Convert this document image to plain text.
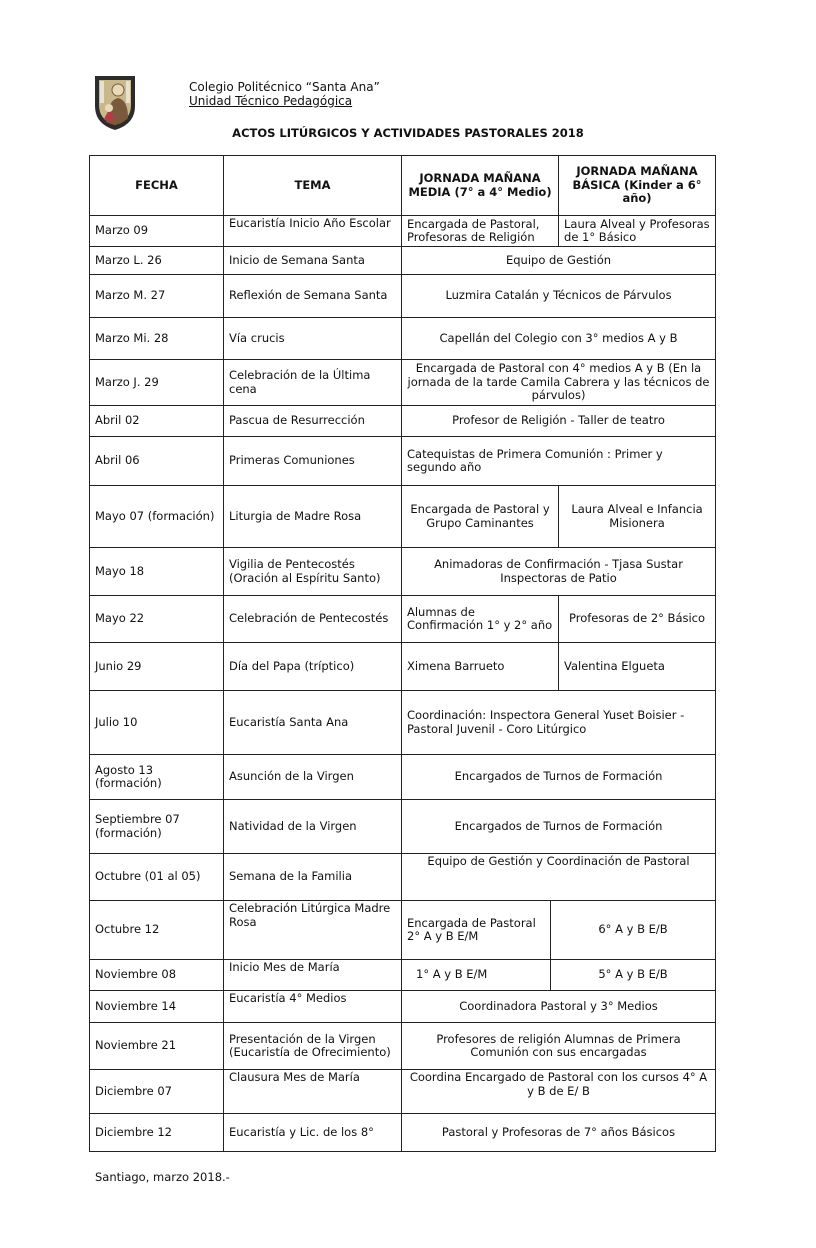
Colegio Politécnico “Santa Ana”
Unidad Técnico Pedagógica
ACTOS LITÚRGICOS Y ACTIVIDADES PASTORALES 2018
FECHA	TEMA	JORNADA MAÑANA MEDIA (7° a 4° Medio)		JORNADA MAÑANA BÁSICA (Kinder a 6° año)
Marzo 09	Eucaristía Inicio Año Escolar	Encargada de Pastoral, Profesoras de Religión		Laura Alveal y Profesoras de 1° Básico
Marzo L. 26	Inicio de Semana Santa	Equipo de Gestión		
Marzo M. 27	Reflexión de Semana Santa	Luzmira Catalán y Técnicos de Párvulos		
Marzo Mi. 28	Vía crucis	Capellán del Colegio con 3° medios A y B		
Marzo J. 29	Celebración de la Última cena	Encargada de Pastoral con 4° medios A y B (En la jornada de la tarde Camila Cabrera y las técnicos de párvulos)		
Abril 02	Pascua de Resurrección	Profesor de Religión - Taller de teatro		
Abril 06	Primeras Comuniones	Catequistas de Primera Comunión : Primer y segundo año		
Mayo 07 (formación)	Liturgia de Madre Rosa	Encargada de Pastoral y Grupo Caminantes		Laura Alveal e Infancia Misionera
Mayo 18	Vigilia de Pentecostés (Oración al Espíritu Santo)	Animadoras de Confirmación - Tjasa Sustar Inspectoras de Patio		
Mayo 22	Celebración de Pentecostés	Alumnas de Confirmación 1° y 2° año		Profesoras de 2° Básico
Junio 29	Día del Papa (tríptico)	Ximena Barrueto		Valentina Elgueta
Julio 10	Eucaristía Santa Ana	Coordinación: Inspectora General Yuset Boisier - Pastoral Juvenil - Coro Litúrgico		
Agosto 13 (formación)	Asunción de la Virgen	Encargados de Turnos de Formación		
Septiembre 07 (formación)	Natividad de la Virgen	Encargados de Turnos de Formación		
Octubre (01 al 05)	Semana de la Familia	Equipo de Gestión y Coordinación de Pastoral		
Octubre 12	Celebración Litúrgica Madre Rosa	Encargada de Pastoral 2° A y B E/M	6° A y B E/B	
Noviembre 08	Inicio Mes de María	1° A y B E/M	5° A y B E/B	
Noviembre 14	Eucaristía 4° Medios	Coordinadora Pastoral y 3° Medios		
Noviembre 21	Presentación de la Virgen (Eucaristía de Ofrecimiento)	Profesores de religión Alumnas de Primera Comunión con sus encargadas		
Diciembre 07	Clausura Mes de María	Coordina Encargado de Pastoral con los cursos 4° A y B de E/ B		
Diciembre 12	Eucaristía y Lic. de los 8°	Pastoral y Profesoras de 7° años Básicos		
Santiago, marzo 2018.-
